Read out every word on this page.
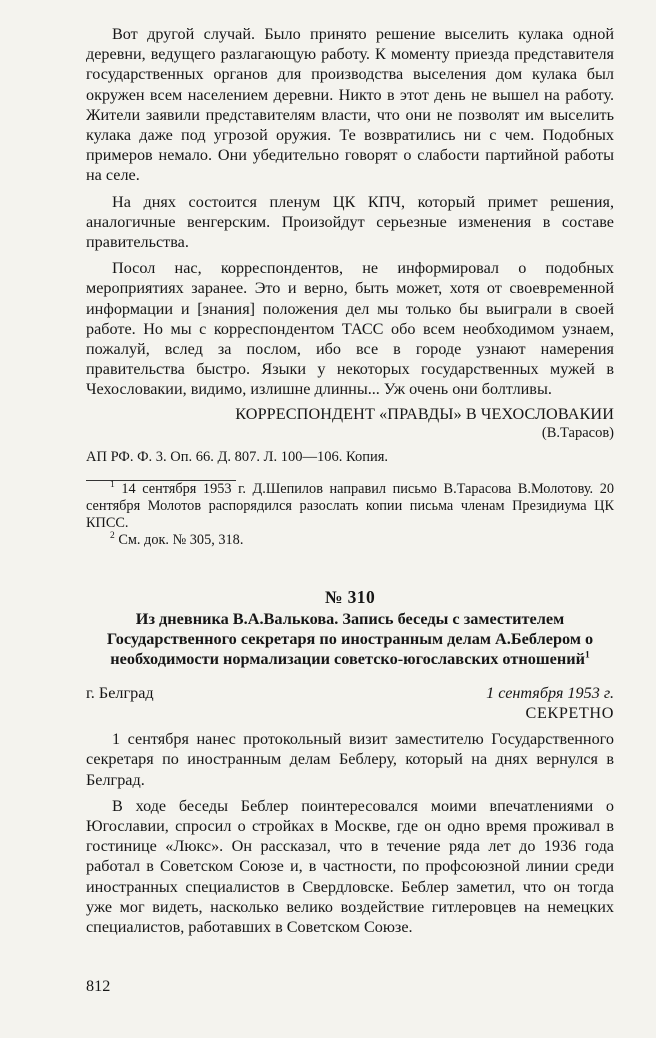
Вот другой случай. Было принято решение выселить кулака одной деревни, ведущего разлагающую работу. К моменту приезда представителя государственных органов для производства выселения дом кулака был окружен всем населением деревни. Никто в этот день не вышел на работу. Жители заявили представителям власти, что они не позволят им выселить кулака даже под угрозой оружия. Те возвратились ни с чем. Подобных примеров немало. Они убедительно говорят о слабости партийной работы на селе.

На днях состоится пленум ЦК КПЧ, который примет решения, аналогичные венгерским. Произойдут серьезные изменения в составе правительства.

Посол нас, корреспондентов, не информировал о подобных мероприятиях заранее. Это и верно, быть может, хотя от своевременной информации и [знания] положения дел мы только бы выиграли в своей работе. Но мы с корреспондентом ТАСС обо всем необходимом узнаем, пожалуй, вслед за послом, ибо все в городе узнают намерения правительства быстро. Языки у некоторых государственных мужей в Чехословакии, видимо, излишне длинны... Уж очень они болтливы.

КОРРЕСПОНДЕНТ «ПРАВДЫ» В ЧЕХОСЛОВАКИИ
(В.Тарасов)
АП РФ. Ф. 3. Оп. 66. Д. 807. Л. 100—106. Копия.

$^1$ 14 сентября 1953 г. Д.Шепилов направил письмо В.Тарасова В.Молотову. 20 сентября Молотов распорядился разослать копии письма членам Президиума ЦК КПСС.

$^2$ См. док. № 305, 318.

№ 310
Из дневника В.А.Валькова. Запись беседы с заместителем Государственного секретаря по иностранным делам А.Беблером о необходимости нормализации советско-югославских отношений$^1$
г. Белград	1 сентября 1953 г.
СЕКРЕТНО

1 сентября нанес протокольный визит заместителю Государственного секретаря по иностранным делам Беблеру, который на днях вернулся в Белград.

В ходе беседы Беблер поинтересовался моими впечатлениями о Югославии, спросил о стройках в Москве, где он одно время проживал в гостинице «Люкс». Он рассказал, что в течение ряда лет до 1936 года работал в Советском Союзе и, в частности, по профсоюзной линии среди иностранных специалистов в Свердловске. Беблер заметил, что он тогда уже мог видеть, насколько велико воздействие гитлеровцев на немецких специалистов, работавших в Советском Союзе.

812
